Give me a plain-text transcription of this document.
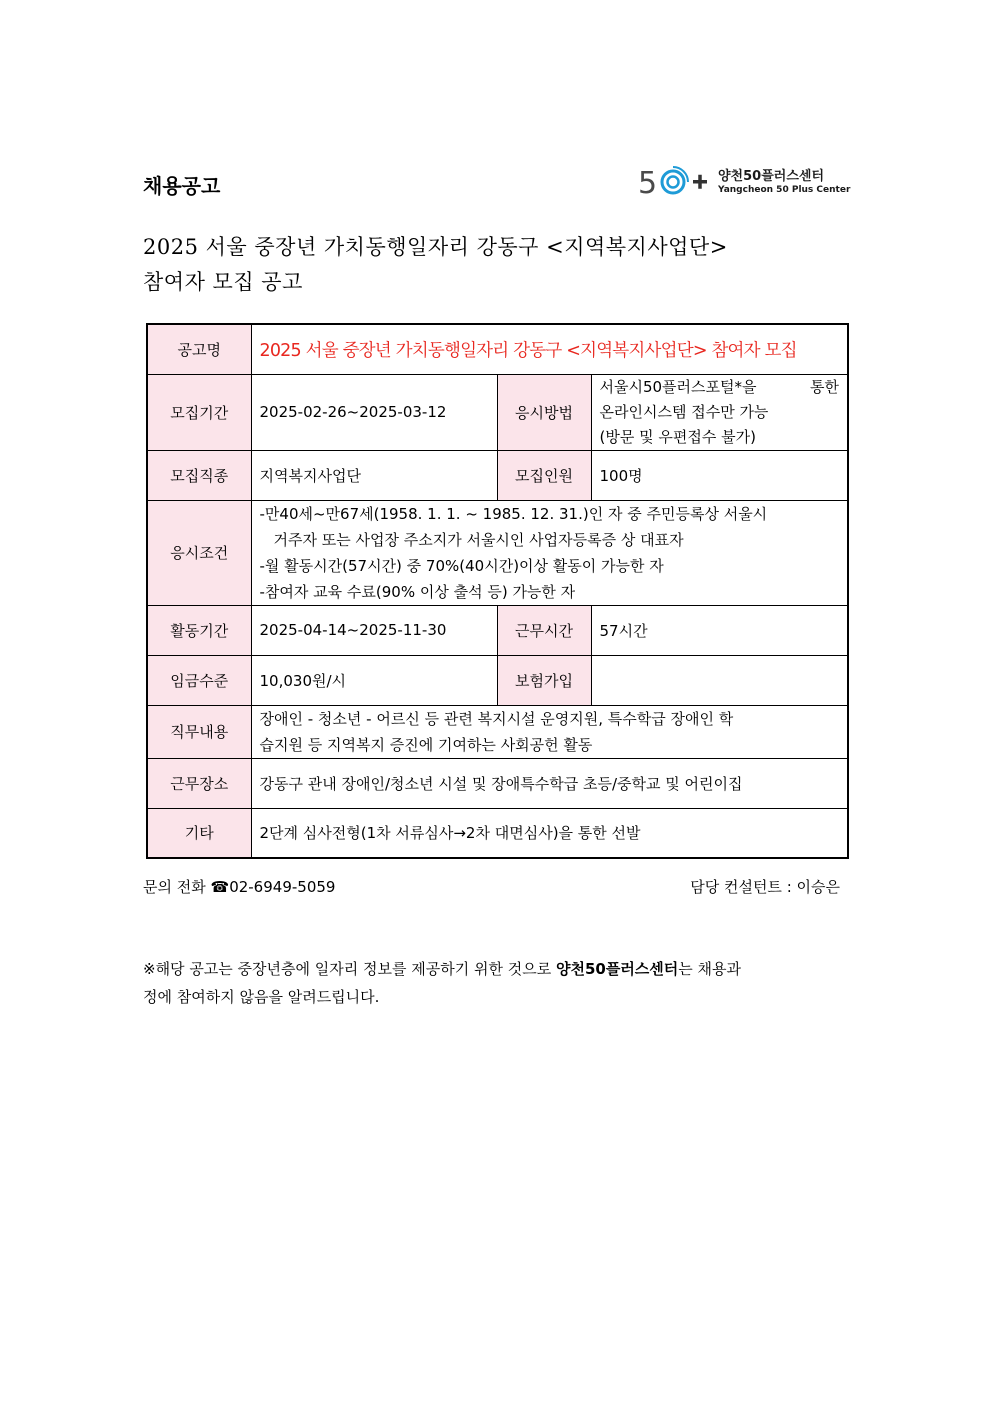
채용공고	5	양천50플러스센터
Yangcheon 50 Plus Center
2025 서울 중장년 가치동행일자리 강동구 <지역복지사업단>
참여자 모집 공고
공고명	2025 서울 중장년 가치동행일자리 강동구 <지역복지사업단> 참여자 모집		
모집기간	2025-02-26~2025-03-12	응시방법	서울시50플러스포털*을 통한
온라인시스템 접수만 가능
(방문 및 우편접수 불가)

모집직종	지역복지사업단	모집인원	100명
응시조건	-만40세~만67세(1958. 1. 1. ~ 1985. 12. 31.)인 자 중 주민등록상 서울시
거주자 또는 사업장 주소지가 서울시인 사업자등록증 상 대표자
-월 활동시간(57시간) 중 70%(40시간)이상 활동이 가능한 자
-참여자 교육 수료(90% 이상 출석 등) 가능한 자		

활동기간	2025-04-14~2025-11-30	근무시간	57시간
임금수준	10,030원/시	보험가입	
직무내용	장애인 - 청소년 - 어르신 등 관련 복지시설 운영지원, 특수학급 장애인 학
습지원 등 지역복지 증진에 기여하는 사회공헌 활동		

근무장소	강동구 관내 장애인/청소년 시설 및 장애특수학급 초등/중학교 및 어린이집		
기타	2단계 심사전형(1차 서류심사→2차 대면심사)을 통한 선발		
문의 전화 ☎02-6949-5059	담당 컨설턴트 : 이승은
※해당 공고는 중장년층에 일자리 정보를 제공하기 위한 것으로 양천50플러스센터는 채용과
정에 참여하지 않음을 알려드립니다.
